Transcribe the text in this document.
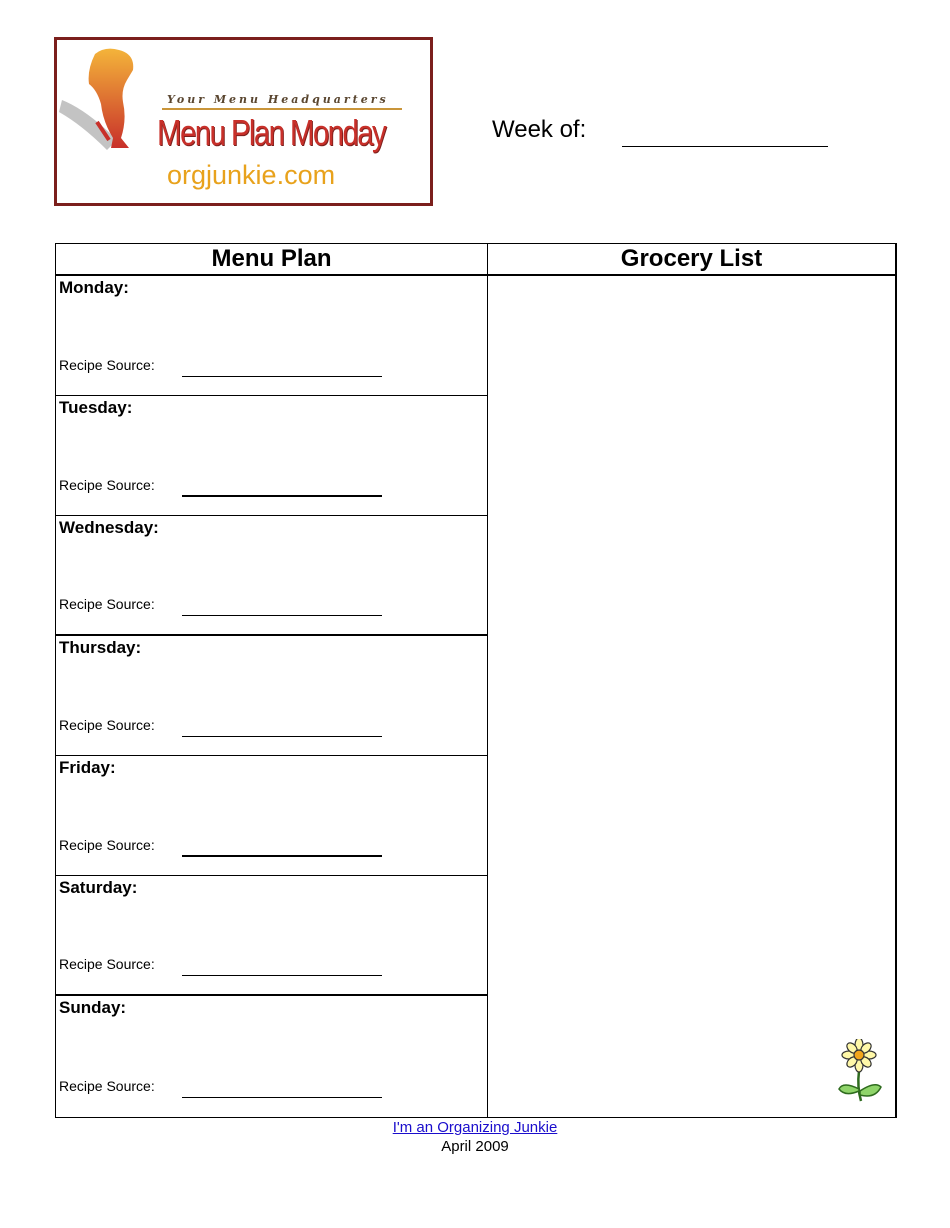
Your Menu Headquarters
Menu Plan Monday
orgjunkie.com
Week of:
Menu Plan
Monday:
Recipe Source:
Tuesday:
Recipe Source:
Wednesday:
Recipe Source:
Thursday:
Recipe Source:
Friday:
Recipe Source:
Saturday:
Recipe Source:
Sunday:
Recipe Source:
Grocery List
I'm an Organizing Junkie
April 2009
